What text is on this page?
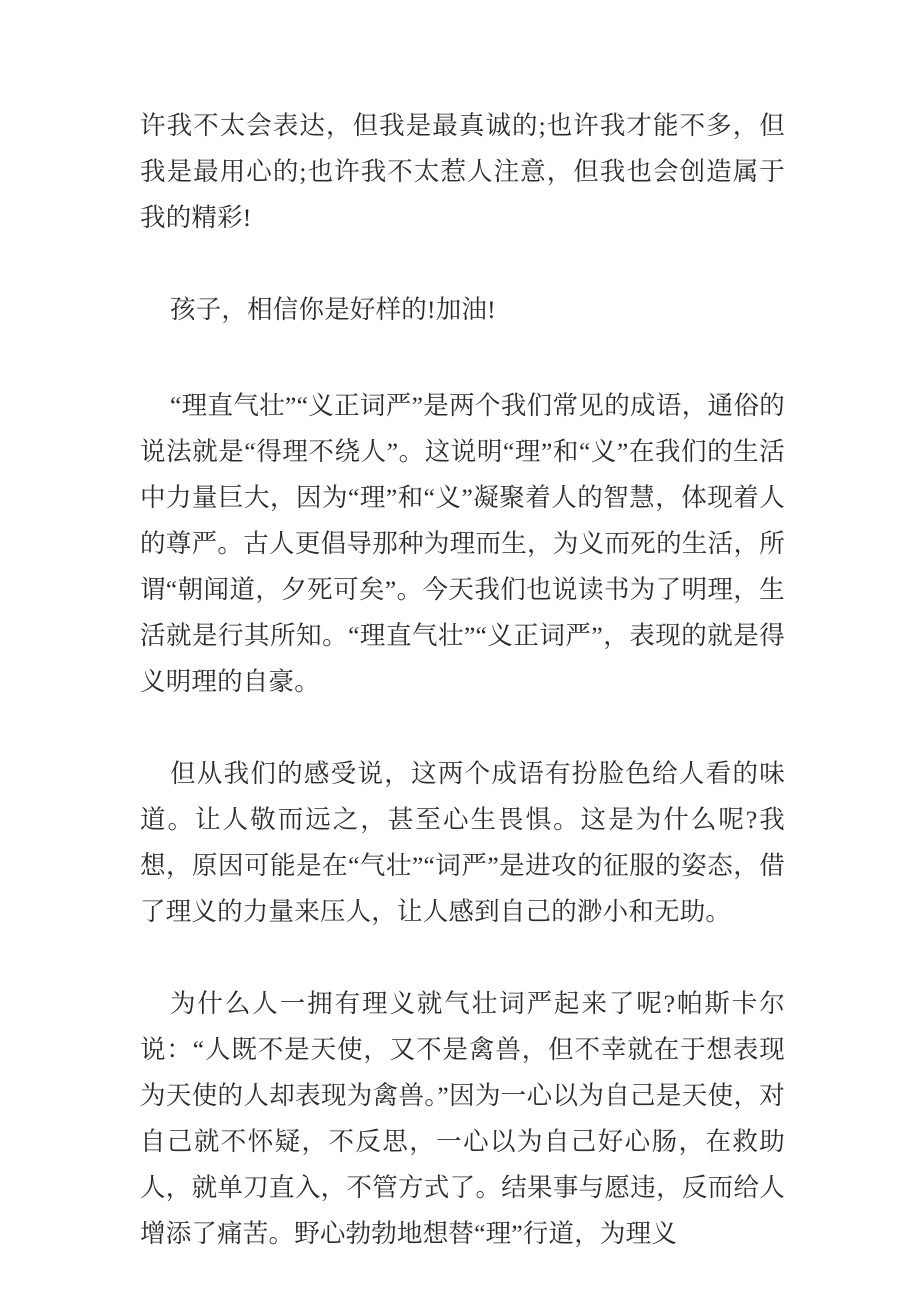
许我不太会表达，但我是最真诚的;也许我才能不多，但我是最用心的;也许我不太惹人注意，但我也会创造属于我的精彩!

孩子，相信你是好样的!加油!

“理直气壮”“义正词严”是两个我们常见的成语，通俗的说法就是“得理不绕人”。这说明“理”和“义”在我们的生活中力量巨大，因为“理”和“义”凝聚着人的智慧，体现着人的尊严。古人更倡导那种为理而生，为义而死的生活，所谓“朝闻道，夕死可矣”。今天我们也说读书为了明理，生活就是行其所知。“理直气壮”“义正词严”，表现的就是得义明理的自豪。

但从我们的感受说，这两个成语有扮脸色给人看的味道。让人敬而远之，甚至心生畏惧。这是为什么呢?我想，原因可能是在“气壮”“词严”是进攻的征服的姿态，借了理义的力量来压人，让人感到自己的渺小和无助。

为什么人一拥有理义就气壮词严起来了呢?帕斯卡尔说：“人既不是天使，又不是禽兽，但不幸就在于想表现为天使的人却表现为禽兽。”因为一心以为自己是天使，对自己就不怀疑，不反思，一心以为自己好心肠，在救助人，就单刀直入，不管方式了。结果事与愿违，反而给人增添了痛苦。野心勃勃地想替“理”行道，为理义
